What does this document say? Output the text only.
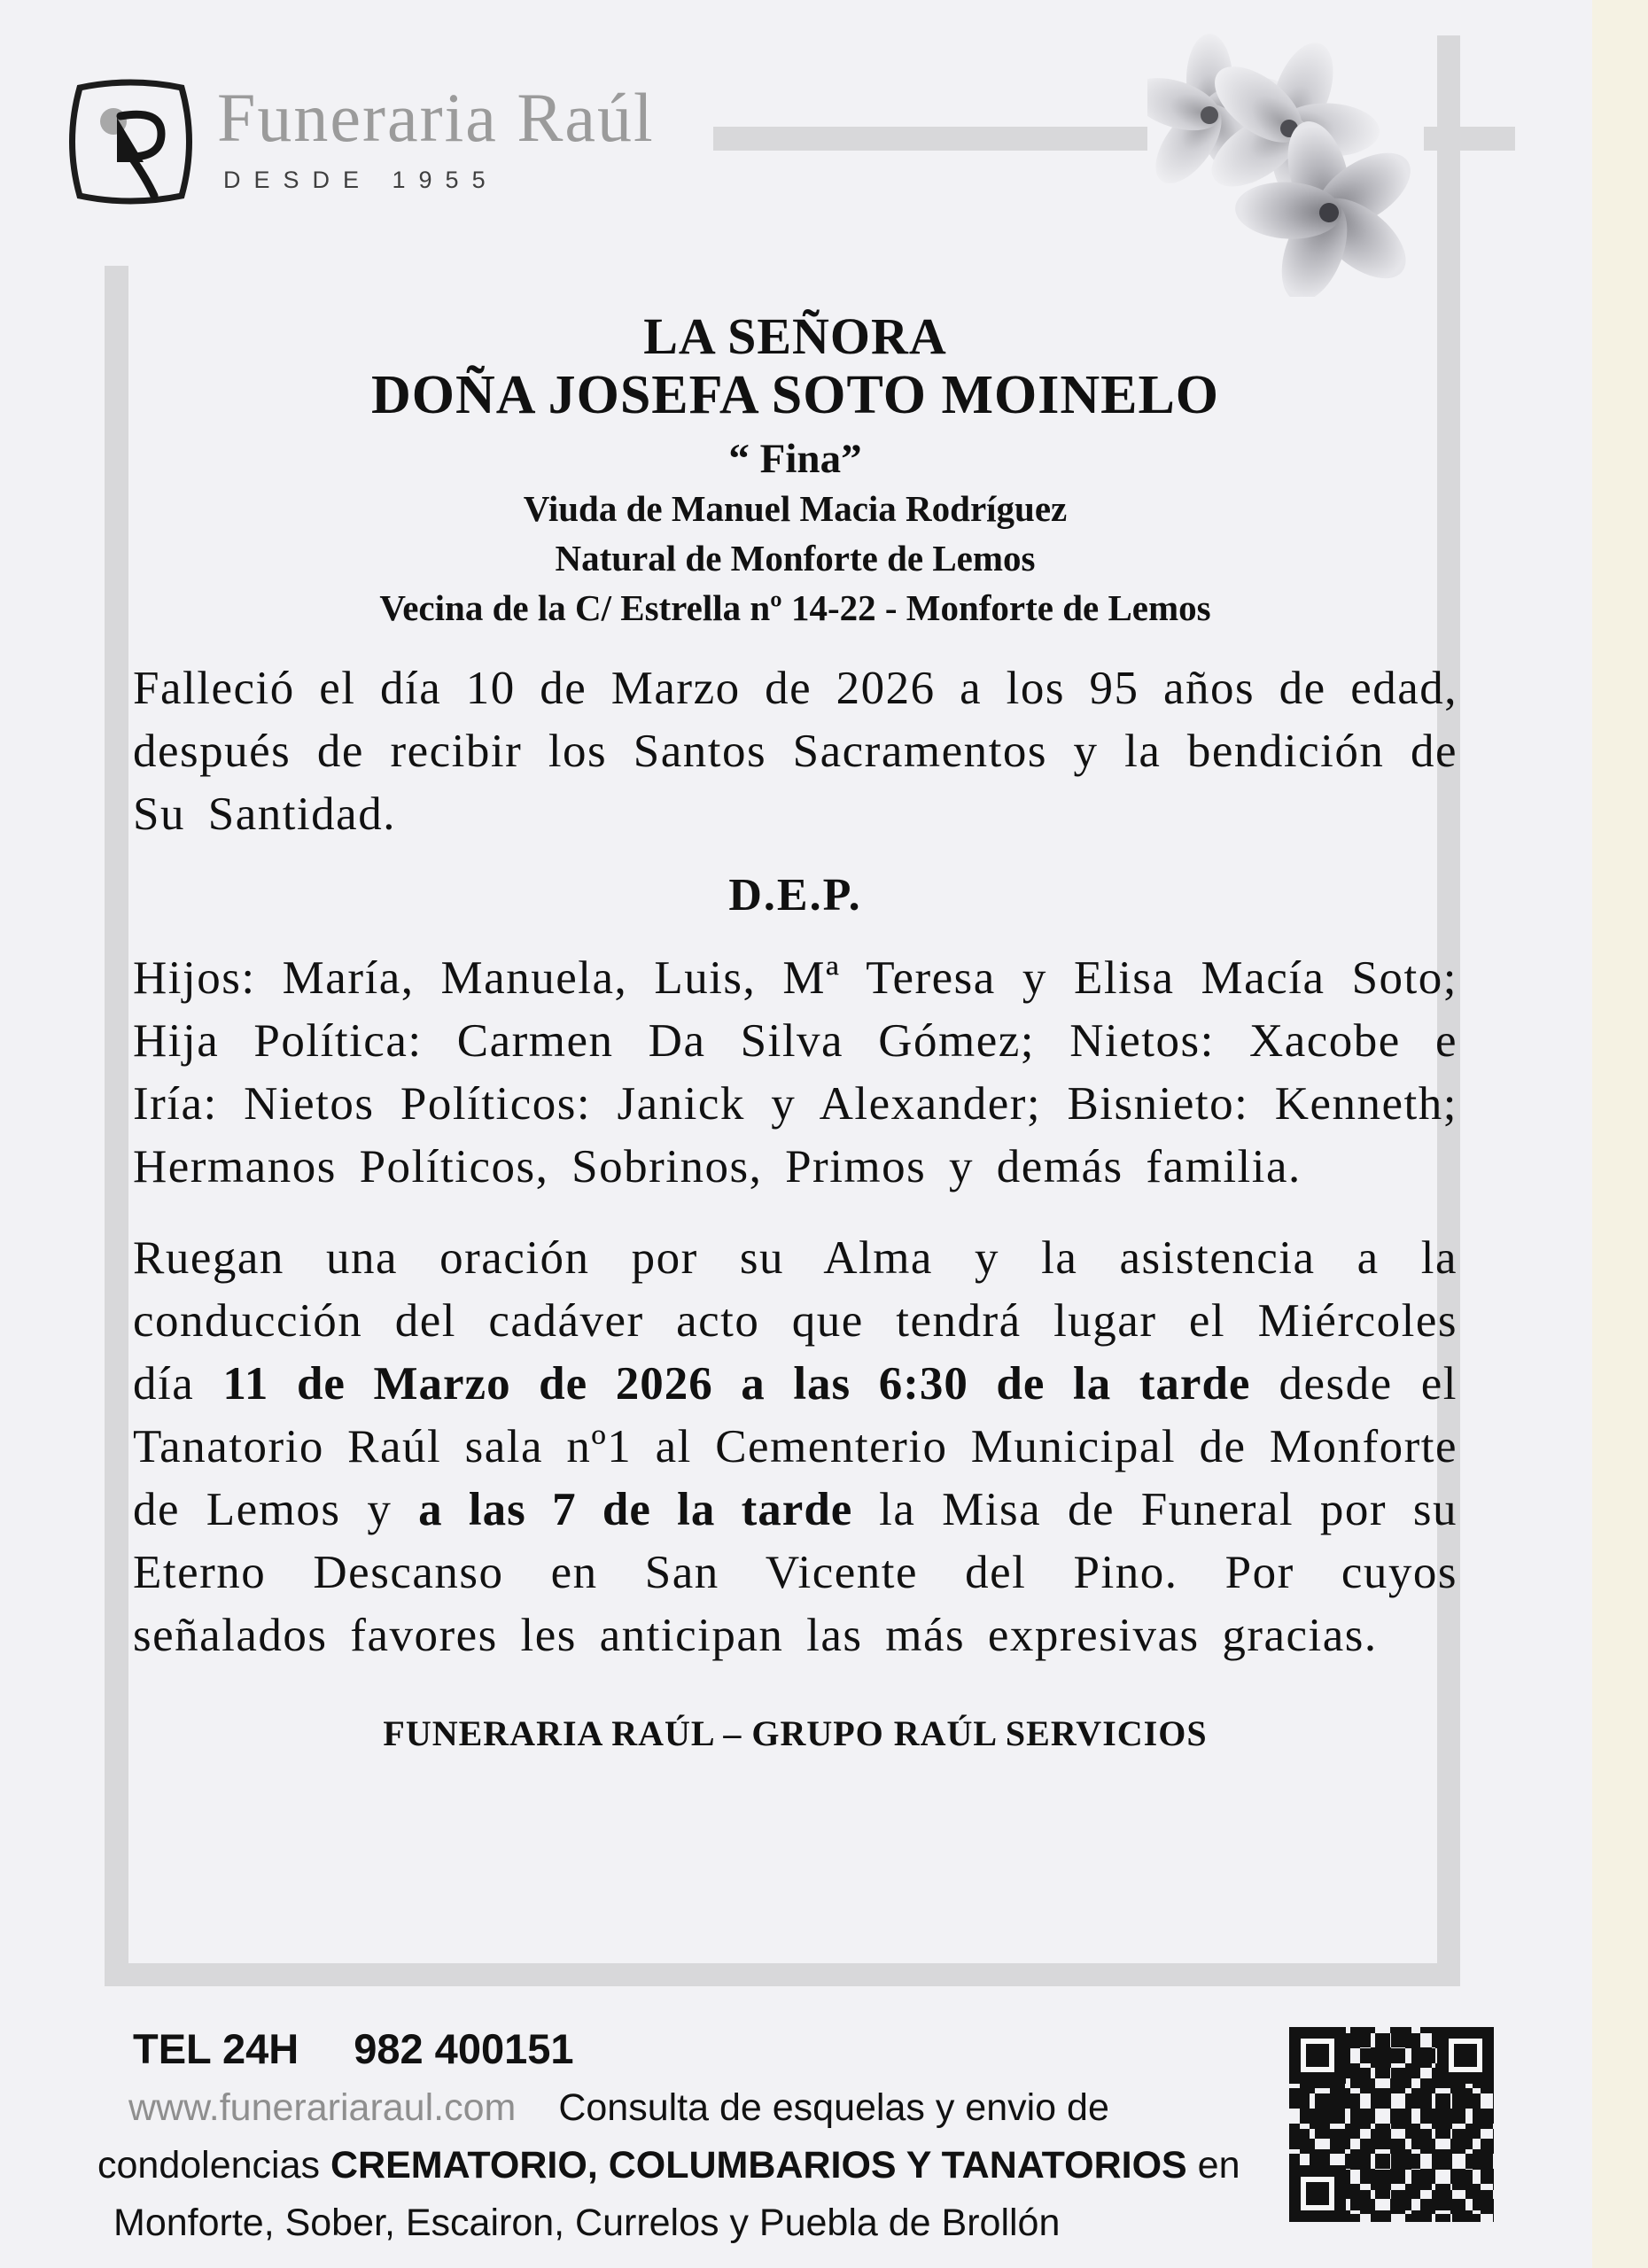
Funeraria Raúl
DESDE 1955
LA SEÑORA
DOÑA JOSEFA SOTO MOINELO
“ Fina”
Viuda de Manuel Macia Rodríguez
Natural de Monforte de Lemos
Vecina de la C/ Estrella nº 14-22 - Monforte de Lemos

Falleció el día 10 de Marzo de 2026 a los 95 años de edad, después de recibir los Santos Sacramentos y la bendición de Su Santidad.

D.E.P.

Hijos: María, Manuela, Luis, Mª Teresa y Elisa Macía Soto; Hija Política: Carmen Da Silva Gómez; Nietos: Xacobe e Iría: Nietos Políticos: Janick y Alexander; Bisnieto: Kenneth; Hermanos Políticos, Sobrinos, Primos y demás familia.

Ruegan una oración por su Alma y la asistencia a la conducción del cadáver acto que tendrá lugar el Miércoles día 11 de Marzo de 2026 a las 6:30 de la tarde desde el Tanatorio Raúl sala nº1 al Cementerio Municipal de Monforte de Lemos y a las 7 de la tarde la Misa de Funeral por su Eterno Descanso en San Vicente del Pino. Por cuyos señalados favores les anticipan las más expresivas gracias.

FUNERARIA RAÚL – GRUPO RAÚL SERVICIOS
TEL 24H 982 400151
www.funerariaraul.com Consulta de esquelas y envio de
condolencias CREMATORIO, COLUMBARIOS Y TANATORIOS en
Monforte, Sober, Escairon, Currelos y Puebla de Brollón
